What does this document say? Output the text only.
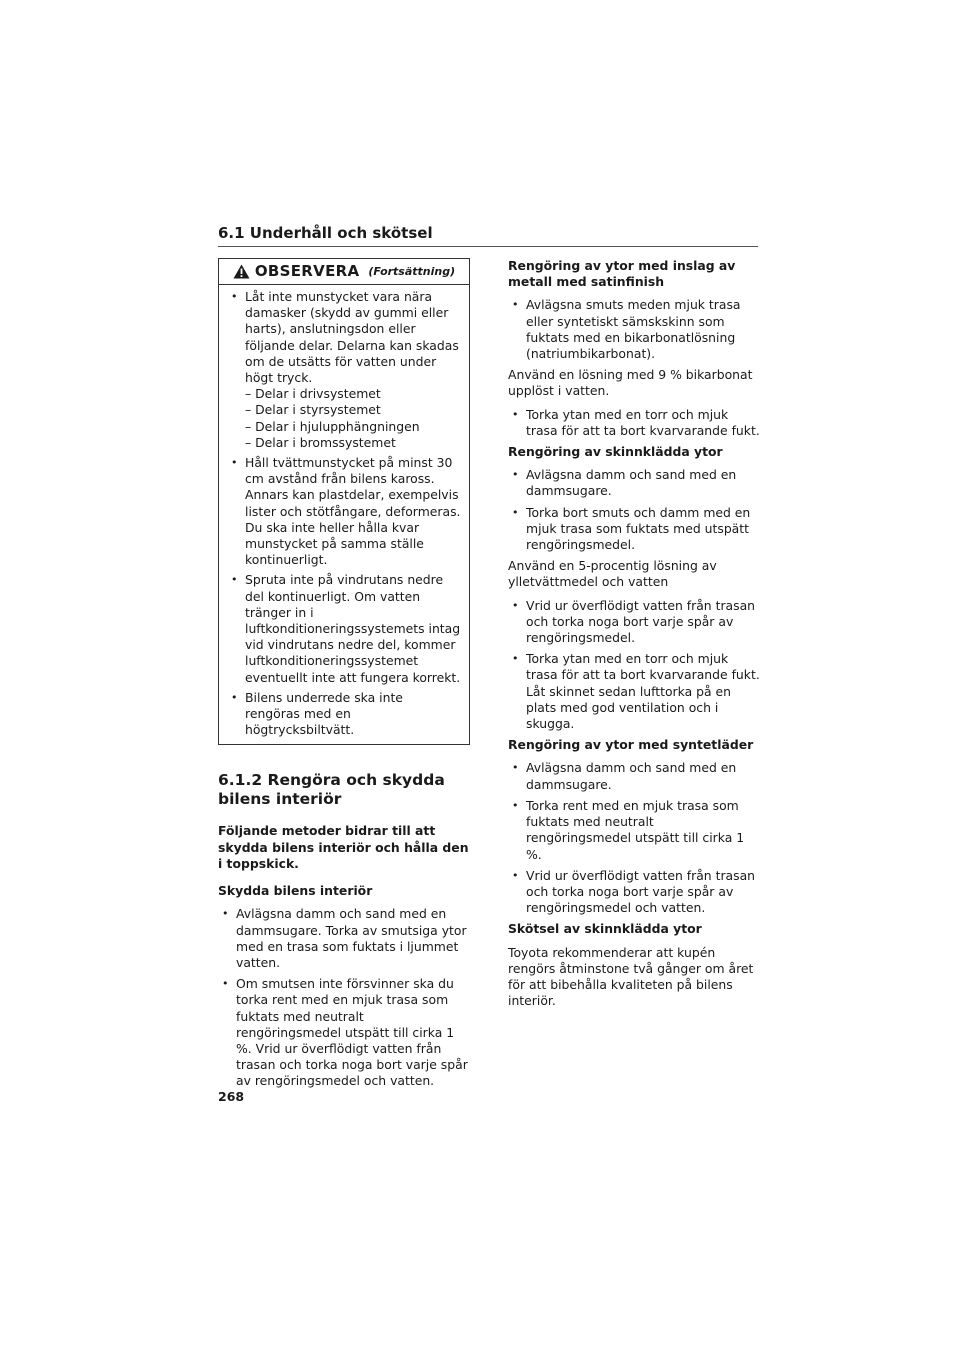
6.1 Underhåll och skötsel
OBSERVERA (Fortsättning)
• Låt inte munstycket vara nära damasker (skydd av gummi eller harts), anslutningsdon eller följande delar. Delarna kan skadas om de utsätts för vatten under högt tryck.
– Delar i drivsystemet
– Delar i styrsystemet
– Delar i hjulupphängningen
– Delar i bromssystemet
• Håll tvättmunstycket på minst 30 cm avstånd från bilens kaross. Annars kan plastdelar, exempelvis lister och stötfångare, deformeras. Du ska inte heller hålla kvar munstycket på samma ställe kontinuerligt.
• Spruta inte på vindrutans nedre del kontinuerligt. Om vatten tränger in i luftkonditioneringssystemets intag vid vindrutans nedre del, kommer luftkonditioneringssystemet eventuellt inte att fungera korrekt.
• Bilens underrede ska inte rengöras med en högtrycksbiltvätt.
6.1.2 Rengöra och skydda bilens interiör
Följande metoder bidrar till att skydda bilens interiör och hålla den i toppskick.
Skydda bilens interiör
• Avlägsna damm och sand med en dammsugare. Torka av smutsiga ytor med en trasa som fuktats i ljummet vatten.
• Om smutsen inte försvinner ska du torka rent med en mjuk trasa som fuktats med neutralt rengöringsmedel utspätt till cirka 1 %. Vrid ur överflödigt vatten från trasan och torka noga bort varje spår av rengöringsmedel och vatten.
Rengöring av ytor med inslag av metall med satinfinish
• Avlägsna smuts meden mjuk trasa eller syntetiskt sämskskinn som fuktats med en bikarbonatlösning (natriumbikarbonat).
Använd en lösning med 9 % bikarbonat upplöst i vatten.
• Torka ytan med en torr och mjuk trasa för att ta bort kvarvarande fukt.
Rengöring av skinnklädda ytor
• Avlägsna damm och sand med en dammsugare.
• Torka bort smuts och damm med en mjuk trasa som fuktats med utspätt rengöringsmedel.
Använd en 5-procentig lösning av ylletvättmedel och vatten
• Vrid ur överflödigt vatten från trasan och torka noga bort varje spår av rengöringsmedel.
• Torka ytan med en torr och mjuk trasa för att ta bort kvarvarande fukt. Låt skinnet sedan lufttorka på en plats med god ventilation och i skugga.
Rengöring av ytor med syntetläder
• Avlägsna damm och sand med en dammsugare.
• Torka rent med en mjuk trasa som fuktats med neutralt rengöringsmedel utspätt till cirka 1 %.
• Vrid ur överflödigt vatten från trasan och torka noga bort varje spår av rengöringsmedel och vatten.
Skötsel av skinnklädda ytor
Toyota rekommenderar att kupén rengörs åtminstone två gånger om året för att bibehålla kvaliteten på bilens interiör.
268
